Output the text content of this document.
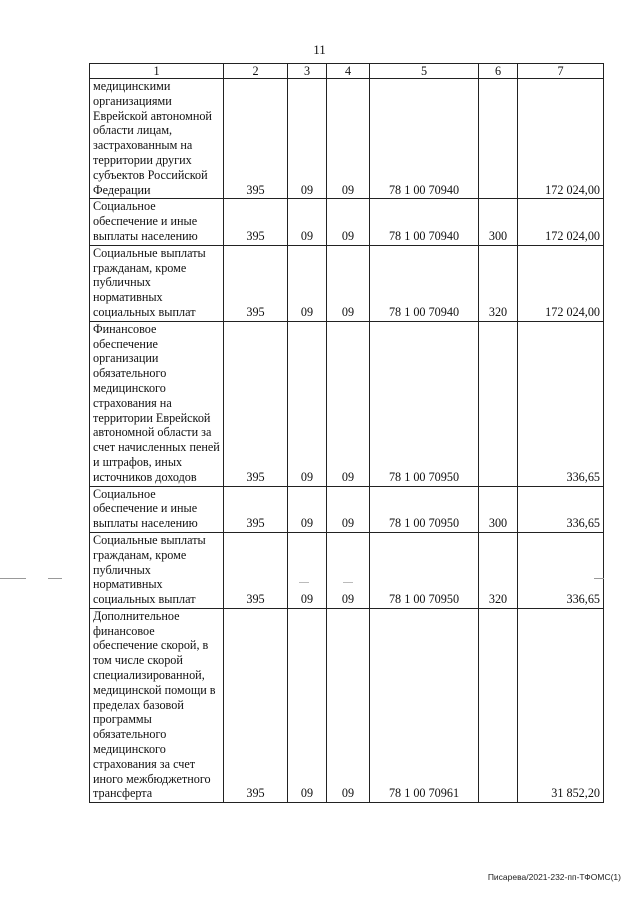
11
1	2	3	4	5	6	7
медицинскими организациями Еврейской автономной области лицам, застрахованным на территории других субъектов Российской Федерации	395	09	09	78 1 00 70940		172 024,00
Социальное обеспечение и иные выплаты населению	395	09	09	78 1 00 70940	300	172 024,00
Социальные выплаты гражданам, кроме публичных нормативных социальных выплат	395	09	09	78 1 00 70940	320	172 024,00
Финансовое обеспечение организации обязательного медицинского страхования на территории Еврейской автономной области за счет начисленных пеней и штрафов, иных источников доходов	395	09	09	78 1 00 70950		336,65
Социальное обеспечение и иные выплаты населению	395	09	09	78 1 00 70950	300	336,65
Социальные выплаты гражданам, кроме публичных нормативных социальных выплат	395	09	09	78 1 00 70950	320	336,65
Дополнительное финансовое обеспечение скорой, в том числе скорой специализированной, медицинской помощи в пределах базовой программы обязательного медицинского страхования за счет иного межбюджетного трансферта	395	09	09	78 1 00 70961		31 852,20
Писарева/2021-232-пп-ТФОМС(1)
